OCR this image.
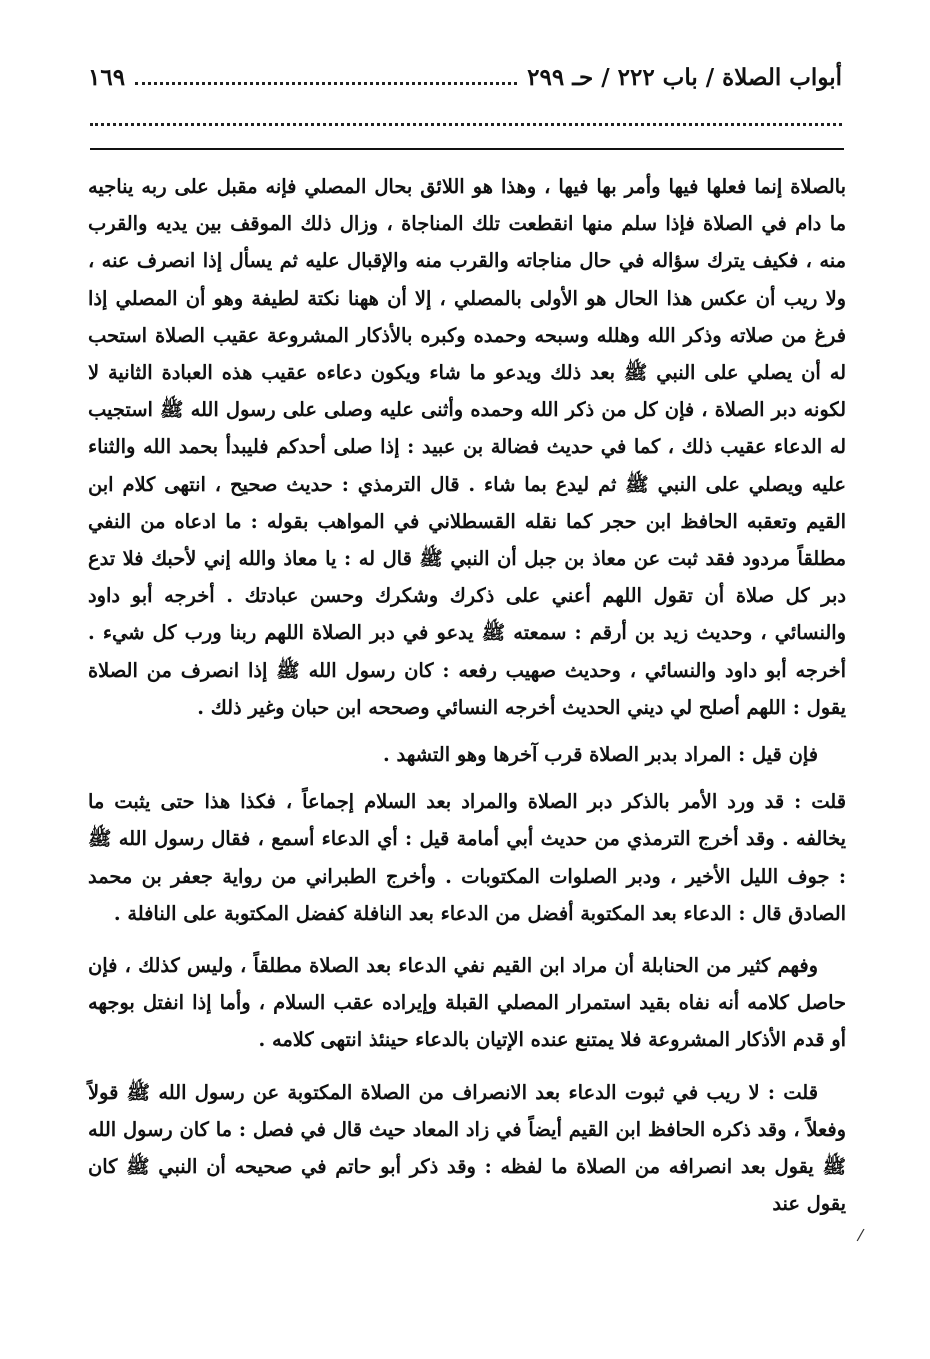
أبواب الصلاة / باب ٢٢٢ / حـ ٢٩٩
١٦٩

بالصلاة إنما فعلها فيها وأمر بها فيها ، وهذا هو اللائق بحال المصلي فإنه مقبل على ربه يناجيه ما دام في الصلاة فإذا سلم منها انقطعت تلك المناجاة ، وزال ذلك الموقف بين يديه والقرب منه ، فكيف يترك سؤاله في حال مناجاته والقرب منه والإقبال عليه ثم يسأل إذا انصرف عنه ، ولا ريب أن عكس هذا الحال هو الأولى بالمصلي ، إلا أن ههنا نكتة لطيفة وهو أن المصلي إذا فرغ من صلاته وذكر الله وهلله وسبحه وحمده وكبره بالأذكار المشروعة عقيب الصلاة استحب له أن يصلي على النبي ﷺ بعد ذلك ويدعو ما شاء ويكون دعاءه عقيب هذه العبادة الثانية لا لكونه دبر الصلاة ، فإن كل من ذكر الله وحمده وأثنى عليه وصلى على رسول الله ﷺ استجيب له الدعاء عقيب ذلك ، كما في حديث فضالة بن عبيد : إذا صلى أحدكم فليبدأ بحمد الله والثناء عليه ويصلي على النبي ﷺ ثم ليدع بما شاء . قال الترمذي : حديث صحيح ، انتهى كلام ابن القيم وتعقبه الحافظ ابن حجر كما نقله القسطلاني في المواهب بقوله : ما ادعاه من النفي مطلقاً مردود فقد ثبت عن معاذ بن جبل أن النبي ﷺ قال له : يا معاذ والله إني لأحبك فلا تدع دبر كل صلاة أن تقول اللهم أعني على ذكرك وشكرك وحسن عبادتك . أخرجه أبو داود والنسائي ، وحديث زيد بن أرقم : سمعته ﷺ يدعو في دبر الصلاة اللهم ربنا ورب كل شيء . أخرجه أبو داود والنسائي ، وحديث صهيب رفعه : كان رسول الله ﷺ إذا انصرف من الصلاة يقول : اللهم أصلح لي ديني الحديث أخرجه النسائي وصححه ابن حبان وغير ذلك .

فإن قيل : المراد بدبر الصلاة قرب آخرها وهو التشهد .

قلت : قد ورد الأمر بالذكر دبر الصلاة والمراد بعد السلام إجماعاً ، فكذا هذا حتى يثبت ما يخالفه . وقد أخرج الترمذي من حديث أبي أمامة قيل : أي الدعاء أسمع ، فقال رسول الله ﷺ : جوف الليل الأخير ، ودبر الصلوات المكتوبات . وأخرج الطبراني من رواية جعفر بن محمد الصادق قال : الدعاء بعد المكتوبة أفضل من الدعاء بعد النافلة كفضل المكتوبة على النافلة .

وفهم كثير من الحنابلة أن مراد ابن القيم نفي الدعاء بعد الصلاة مطلقاً ، وليس كذلك ، فإن حاصل كلامه أنه نفاه بقيد استمرار المصلي القبلة وإيراده عقب السلام ، وأما إذا انفتل بوجهه أو قدم الأذكار المشروعة فلا يمتنع عنده الإتيان بالدعاء حينئذ انتهى كلامه .

قلت : لا ريب في ثبوت الدعاء بعد الانصراف من الصلاة المكتوبة عن رسول الله ﷺ قولاً وفعلاً ، وقد ذكره الحافظ ابن القيم أيضاً في زاد المعاد حيث قال في فصل : ما كان رسول الله ﷺ يقول بعد انصرافه من الصلاة ما لفظه : وقد ذكر أبو حاتم في صحيحه أن النبي ﷺ كان يقول عند

/
